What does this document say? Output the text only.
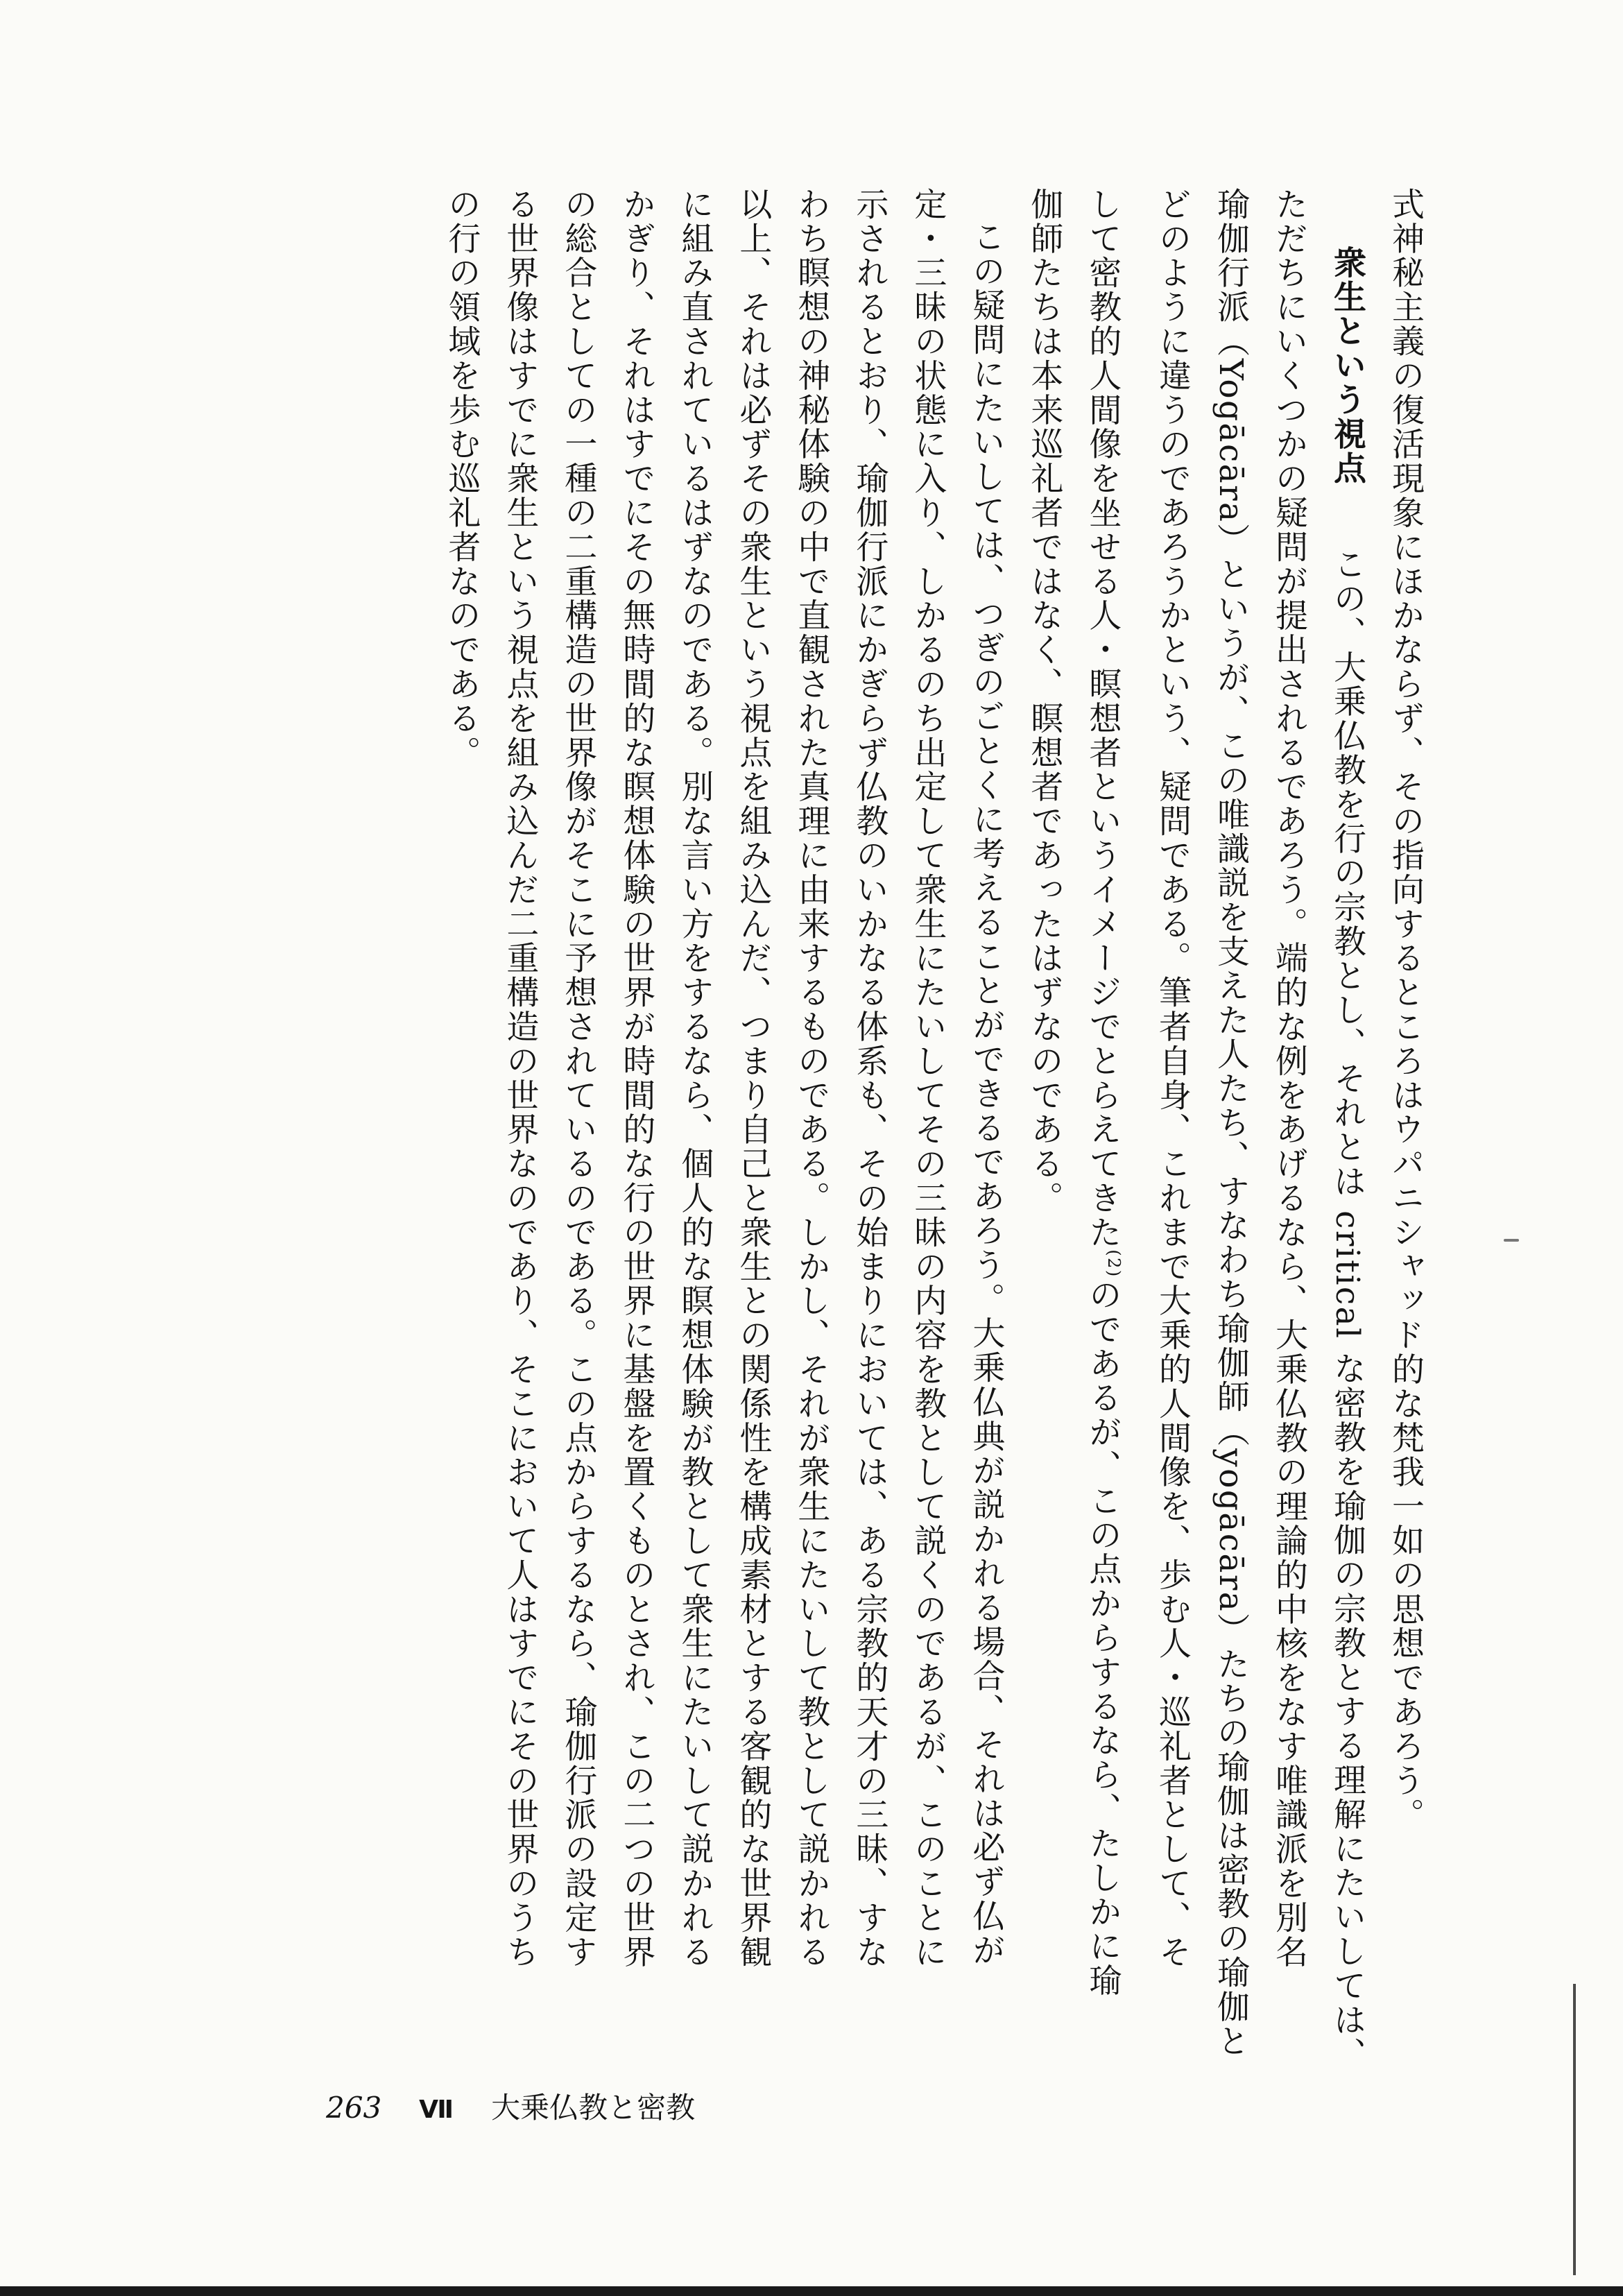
式神秘主義の復活現象にほかならず、その指向するところはウパニシャッド的な梵我一如の思想であろう。

衆生という視点　この、大乗仏教を行の宗教とし、それとは critical な密教を瑜伽の宗教とする理解にたいしては、
ただちにいくつかの疑問が提出されるであろう。端的な例をあげるなら、大乗仏教の理論的中核をなす唯識派を別名
瑜伽行派（Yogācāra）というが、この唯識説を支えた人たち、すなわち瑜伽師（yogācāra）たちの瑜伽は密教の瑜伽と
どのように違うのであろうかという、疑問である。筆者自身、これまで大乗的人間像を、歩む人・巡礼者として、そ
して密教的人間像を坐せる人・瞑想者というイメージでとらえてきた$^{(2)}$のであるが、この点からするなら、たしかに瑜
伽師たちは本来巡礼者ではなく、瞑想者であったはずなのである。

この疑問にたいしては、つぎのごとくに考えることができるであろう。大乗仏典が説かれる場合、それは必ず仏が
定・三昧の状態に入り、しかるのち出定して衆生にたいしてその三昧の内容を教として説くのであるが、このことに
示されるとおり、瑜伽行派にかぎらず仏教のいかなる体系も、その始まりにおいては、ある宗教的天才の三昧、すな
わち瞑想の神秘体験の中で直観された真理に由来するものである。しかし、それが衆生にたいして教として説かれる
以上、それは必ずその衆生という視点を組み込んだ、つまり自己と衆生との関係性を構成素材とする客観的な世界観
に組み直されているはずなのである。別な言い方をするなら、個人的な瞑想体験が教として衆生にたいして説かれる
かぎり、それはすでにその無時間的な瞑想体験の世界が時間的な行の世界に基盤を置くものとされ、この二つの世界
の総合としての一種の二重構造の世界像がそこに予想されているのである。この点からするなら、瑜伽行派の設定す
る世界像はすでに衆生という視点を組み込んだ二重構造の世界なのであり、そこにおいて人はすでにその世界のうち
の行の領域を歩む巡礼者なのである。

263 Ⅶ 大乗仏教と密教
